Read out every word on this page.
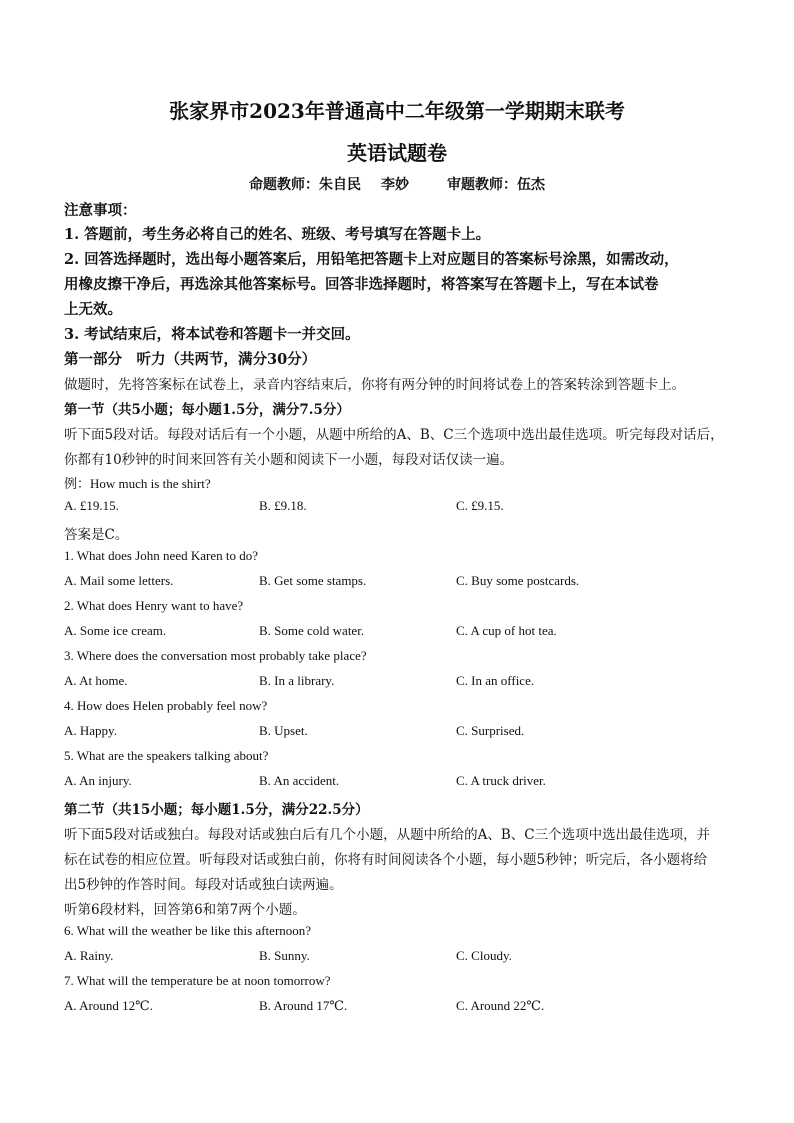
张家界市2023年普通高中二年级第一学期期末联考
英语试题卷
命题教师：朱自民 李妙	审题教师：伍杰
注意事项：
1. 答题前，考生务必将自己的姓名、班级、考号填写在答题卡上。
2. 回答选择题时，选出每小题答案后，用铅笔把答题卡上对应题目的答案标号涂黑，如需改动，
用橡皮擦干净后，再选涂其他答案标号。回答非选择题时，将答案写在答题卡上，写在本试卷
上无效。
3. 考试结束后，将本试卷和答题卡一并交回。
第一部分　听力（共两节，满分30分）
做题时，先将答案标在试卷上，录音内容结束后，你将有两分钟的时间将试卷上的答案转涂到答题卡上。
第一节（共5小题；每小题1.5分，满分7.5分）
听下面5段对话。每段对话后有一个小题，从题中所给的A、B、C三个选项中选出最佳选项。听完每段对话后，
你都有10秒钟的时间来回答有关小题和阅读下一小题，每段对话仅读一遍。
例：How much is the shirt?
A. £19.15.	B. £9.18.	C. £9.15.
答案是C。
1. What does John need Karen to do?
A. Mail some letters.	B. Get some stamps.	C. Buy some postcards.
2. What does Henry want to have?
A. Some ice cream.	B. Some cold water.	C. A cup of hot tea.
3. Where does the conversation most probably take place?
A. At home.	B. In a library.	C. In an office.
4. How does Helen probably feel now?
A. Happy.	B. Upset.	C. Surprised.
5. What are the speakers talking about?
A. An injury.	B. An accident.	C. A truck driver.
第二节（共15小题；每小题1.5分，满分22.5分）
听下面5段对话或独白。每段对话或独白后有几个小题，从题中所给的A、B、C三个选项中选出最佳选项，并
标在试卷的相应位置。听每段对话或独白前，你将有时间阅读各个小题，每小题5秒钟；听完后，各小题将给
出5秒钟的作答时间。每段对话或独白读两遍。
听第6段材料，回答第6和第7两个小题。
6. What will the weather be like this afternoon?
A. Rainy.	B. Sunny.	C. Cloudy.
7. What will the temperature be at noon tomorrow?
A. Around 12℃.	B. Around 17℃.	C. Around 22℃.
